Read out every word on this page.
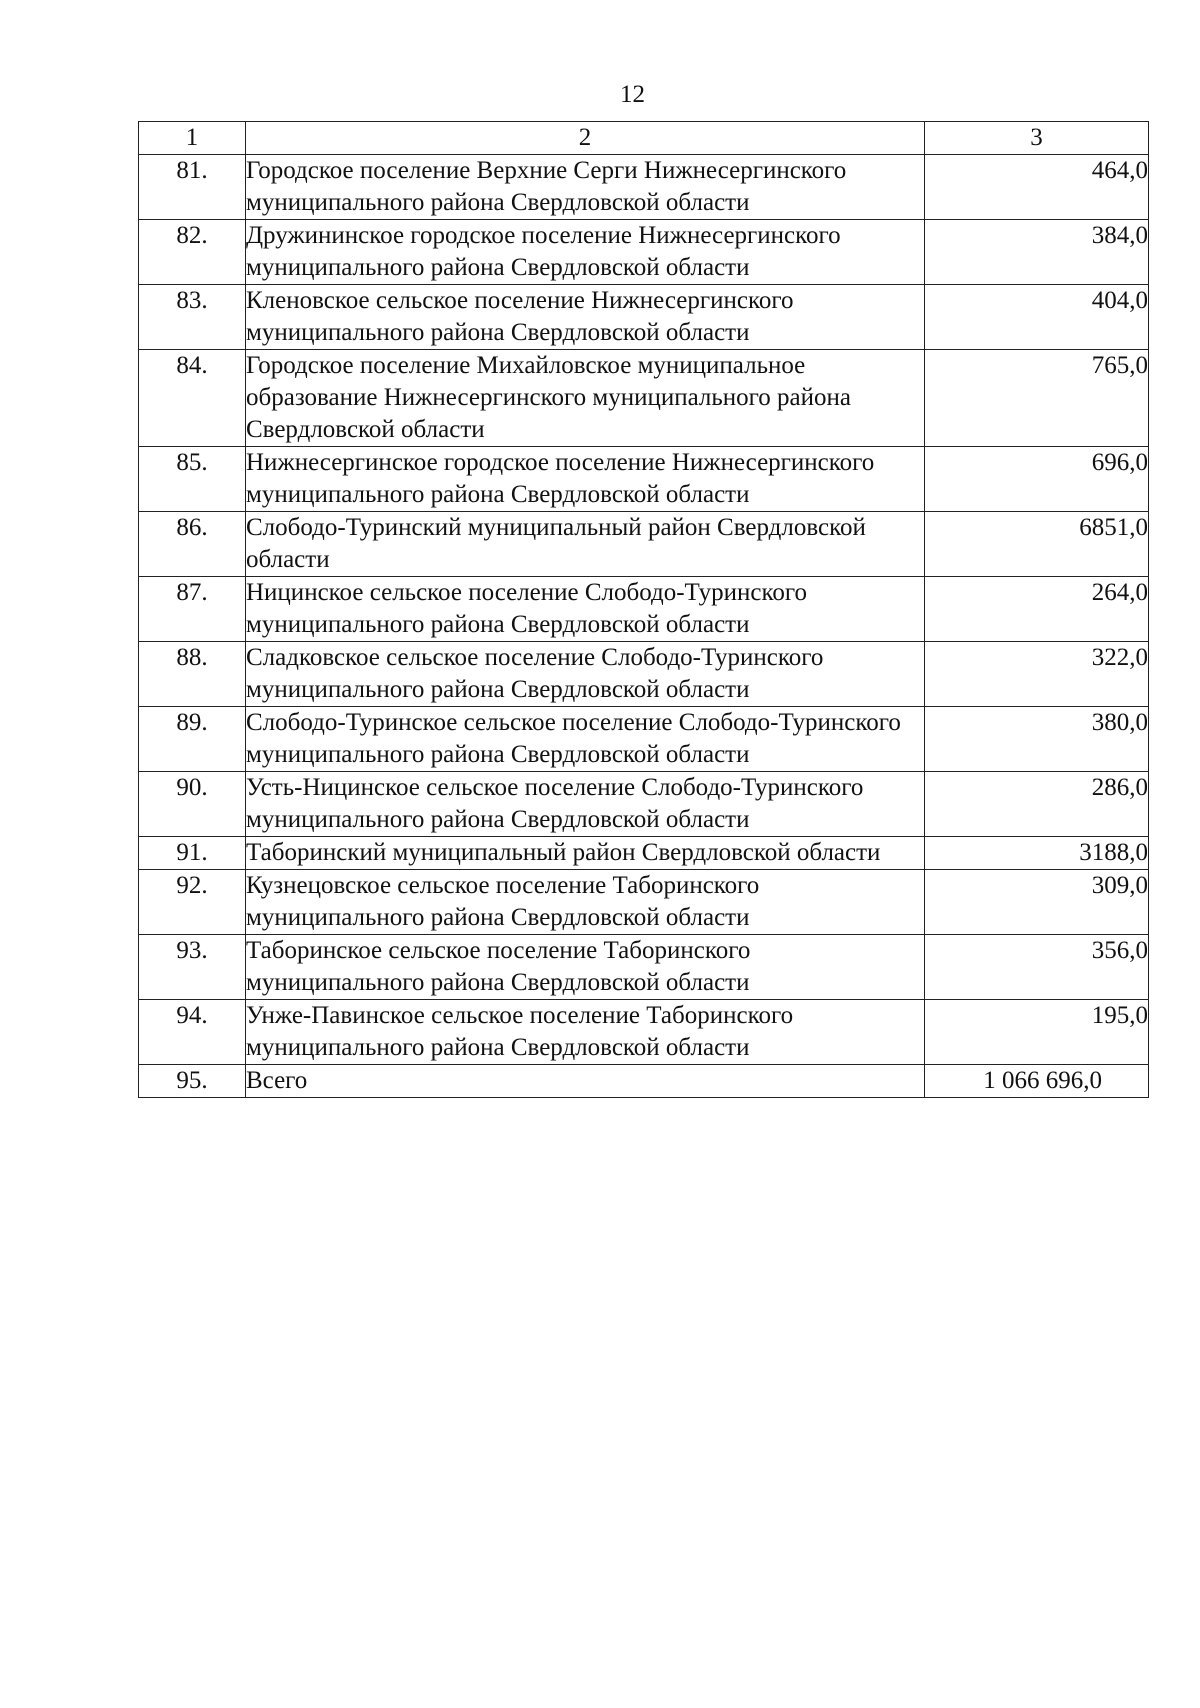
12
1	2	3
81.	Городское поселение Верхние Серги Нижнесергинского муниципального района Свердловской области	464,0
82.	Дружининское городское поселение Нижнесергинского муниципального района Свердловской области	384,0
83.	Кленовское сельское поселение Нижнесергинского муниципального района Свердловской области	404,0
84.	Городское поселение Михайловское муниципальное образование Нижнесергинского муниципального района Свердловской области	765,0
85.	Нижнесергинское городское поселение Нижнесергинского муниципального района Свердловской области	696,0
86.	Слободо-Туринский муниципальный район Свердловской области	6851,0
87.	Ницинское сельское поселение Слободо-Туринского муниципального района Свердловской области	264,0
88.	Сладковское сельское поселение Слободо-Туринского муниципального района Свердловской области	322,0
89.	Слободо-Туринское сельское поселение Слободо-Туринского муниципального района Свердловской области	380,0
90.	Усть-Ницинское сельское поселение Слободо-Туринского муниципального района Свердловской области	286,0
91.	Таборинский муниципальный район Свердловской области	3188,0
92.	Кузнецовское сельское поселение Таборинского муниципального района Свердловской области	309,0
93.	Таборинское сельское поселение Таборинского муниципального района Свердловской области	356,0
94.	Унже-Павинское сельское поселение Таборинского муниципального района Свердловской области	195,0
95.	Всего	1 066 696,0
